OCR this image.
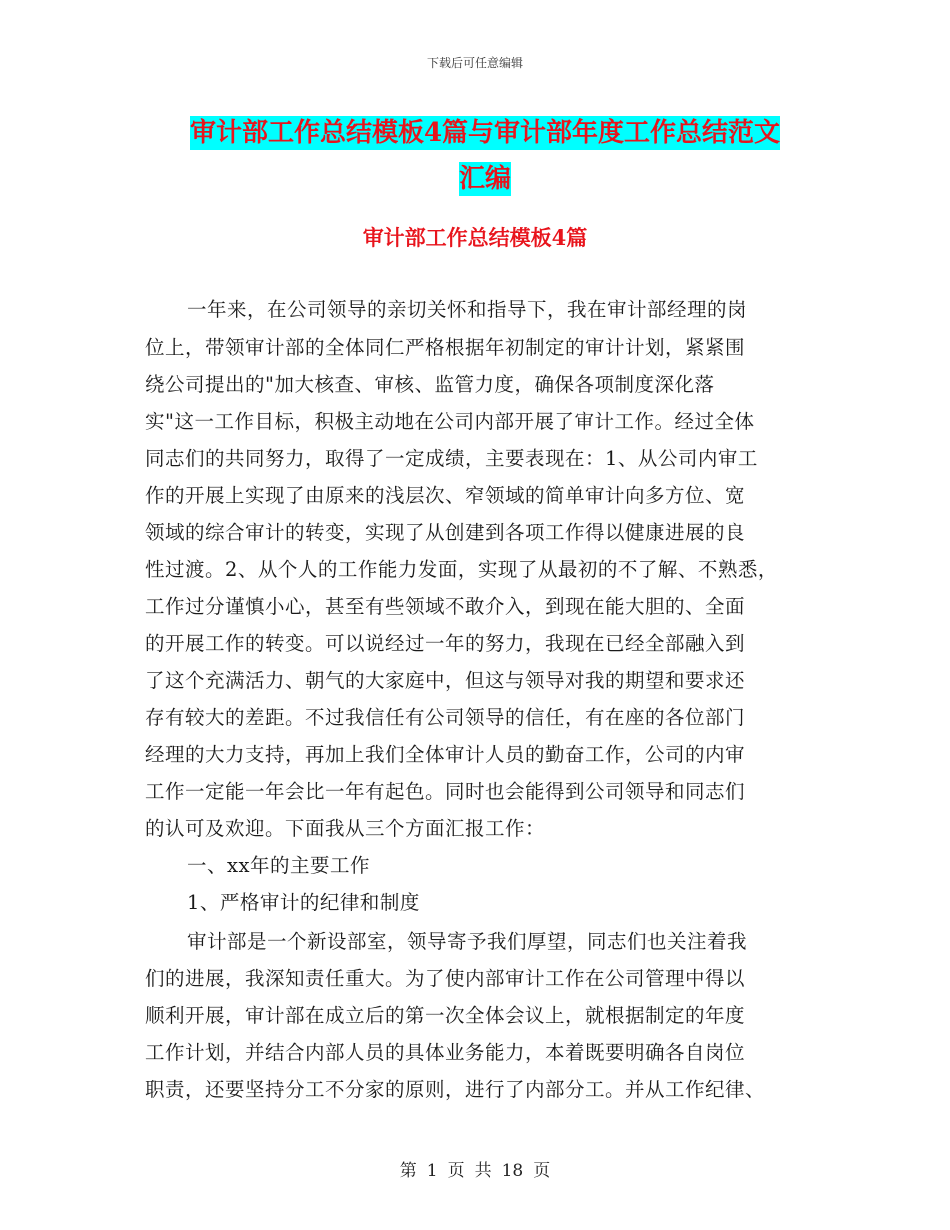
下载后可任意编辑
审计部工作总结模板4篇与审计部年度工作总结范文
汇编
审计部工作总结模板4篇
一年来，在公司领导的亲切关怀和指导下，我在审计部经理的岗
位上，带领审计部的全体同仁严格根据年初制定的审计计划，紧紧围
绕公司提出的"加大核查、审核、监管力度，确保各项制度深化落
实"这一工作目标，积极主动地在公司内部开展了审计工作。经过全体
同志们的共同努力，取得了一定成绩，主要表现在：1、从公司内审工
作的开展上实现了由原来的浅层次、窄领域的简单审计向多方位、宽
领域的综合审计的转变，实现了从创建到各项工作得以健康进展的良
性过渡。2、从个人的工作能力发面，实现了从最初的不了解、不熟悉，
工作过分谨慎小心，甚至有些领域不敢介入，到现在能大胆的、全面
的开展工作的转变。可以说经过一年的努力，我现在已经全部融入到
了这个充满活力、朝气的大家庭中，但这与领导对我的期望和要求还
存有较大的差距。不过我信任有公司领导的信任，有在座的各位部门
经理的大力支持，再加上我们全体审计人员的勤奋工作，公司的内审
工作一定能一年会比一年有起色。同时也会能得到公司领导和同志们
的认可及欢迎。下面我从三个方面汇报工作：
一、xx年的主要工作
1、严格审计的纪律和制度
审计部是一个新设部室，领导寄予我们厚望，同志们也关注着我
们的进展，我深知责任重大。为了使内部审计工作在公司管理中得以
顺利开展，审计部在成立后的第一次全体会议上，就根据制定的年度
工作计划，并结合内部人员的具体业务能力，本着既要明确各自岗位
职责，还要坚持分工不分家的原则，进行了内部分工。并从工作纪律、
第 1 页 共 18 页
